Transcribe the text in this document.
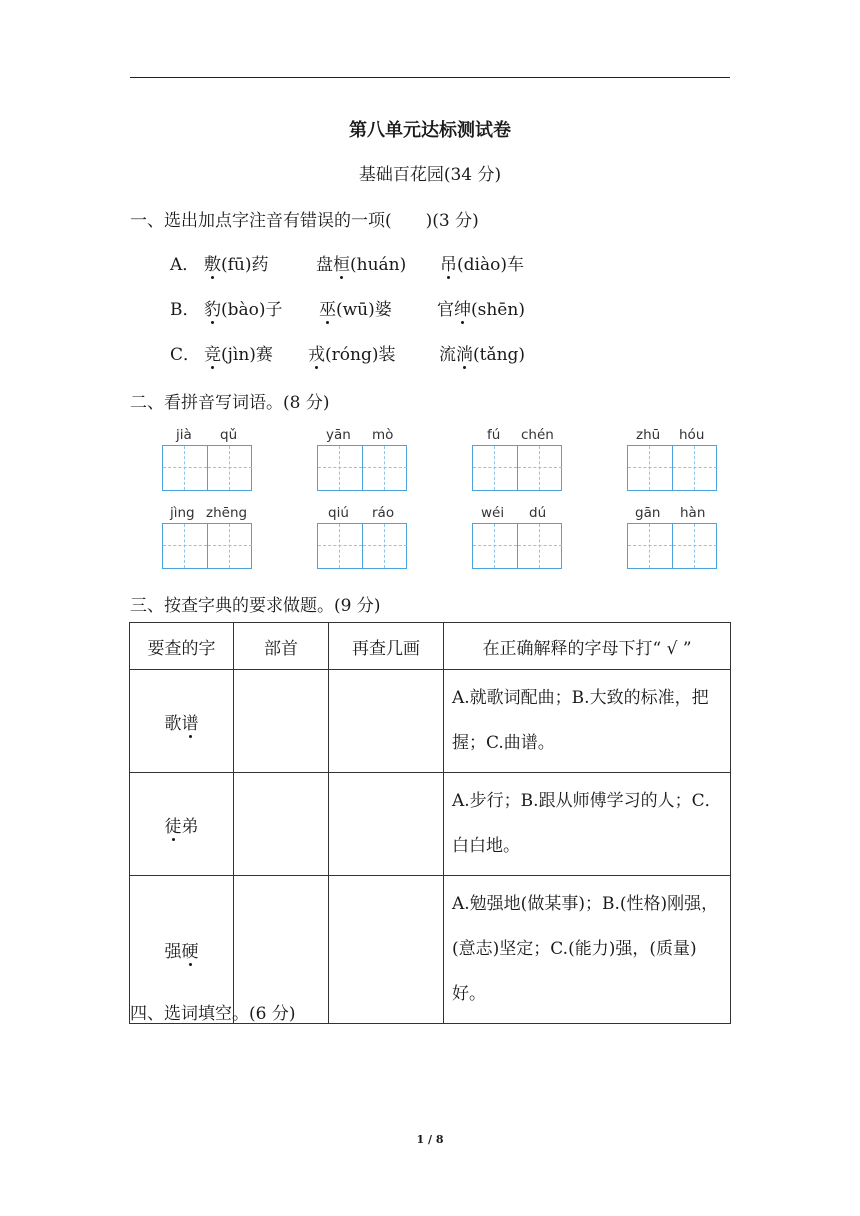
第八单元达标测试卷
基础百花园(34 分)
一、选出加点字注音有错误的一项(　　)(3 分)
A． 敷(fū)药	盘桓(huán) 吊(diào)车
B． 豹(bào)子 巫(wū)婆	官绅(shēn)
C． 竞(jìn)赛 戎(róng)装	流淌(tǎng)
二、看拼音写词语。(8 分)
jià qǔ	yān mò	fú chén	zhū hóu
jìng zhēng	qiú ráo	wéi dú	gān hàn
三、按查字典的要求做题。(9 分)
要查的字	部首	再查几画	在正确解释的字母下打“ √ ”
歌谱			A.就歌词配曲；B.大致的标准，把握；C.曲谱。
徒弟			A.步行；B.跟从师傅学习的人；C．白白地。
强硬			A.勉强地(做某事)；B.(性格)刚强，(意志)坚定；C.(能力)强，(质量)好。
四、选词填空。(6 分)
1 / 8
